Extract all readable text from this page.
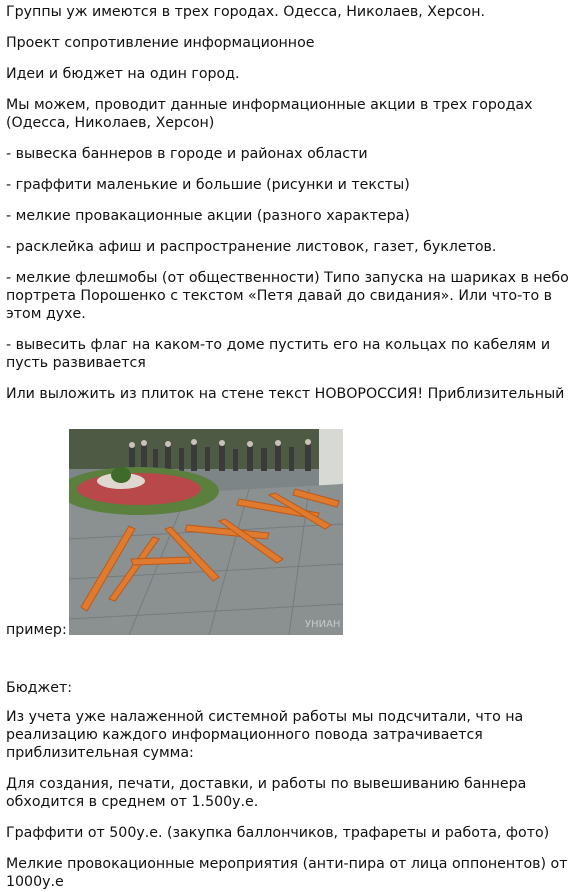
Группы уж имеются в трех городах. Одесса, Николаев, Херсон.

Проект сопротивление информационное

Идеи и бюджет на один город.

Мы можем, проводит данные информационные акции в трех городах (Одесса, Николаев, Херсон)

- вывеска баннеров в городе и районах области

- граффити маленькие и большие (рисунки и тексты)

- мелкие провакационные акции (разного характера)

- расклейка афиш и распространение листовок, газет, буклетов.

- мелкие флешмобы (от общественности) Типо запуска на шариках в небо портрета Порошенко с текстом «Петя давай до свидания». Или что-то в этом духе.

- вывесить флаг на каком-то доме пустить его на кольцах по кабелям и пусть развивается

Или выложить из плиток на стене текст НОВОРОССИЯ! Приблизительный

пример:	УНИАН

Бюджет:

Из учета уже налаженной системной работы мы подсчитали, что на реализацию каждого информационного повода затрачивается приблизительная сумма:

Для создания, печати, доставки, и работы по вывешиванию баннера обходится в среднем от 1.500у.е.

Граффити от 500у.е. (закупка баллончиков, трафареты и работа, фото)

Мелкие провокационные мероприятия (анти-пира от лица оппонентов) от 1000у.е
